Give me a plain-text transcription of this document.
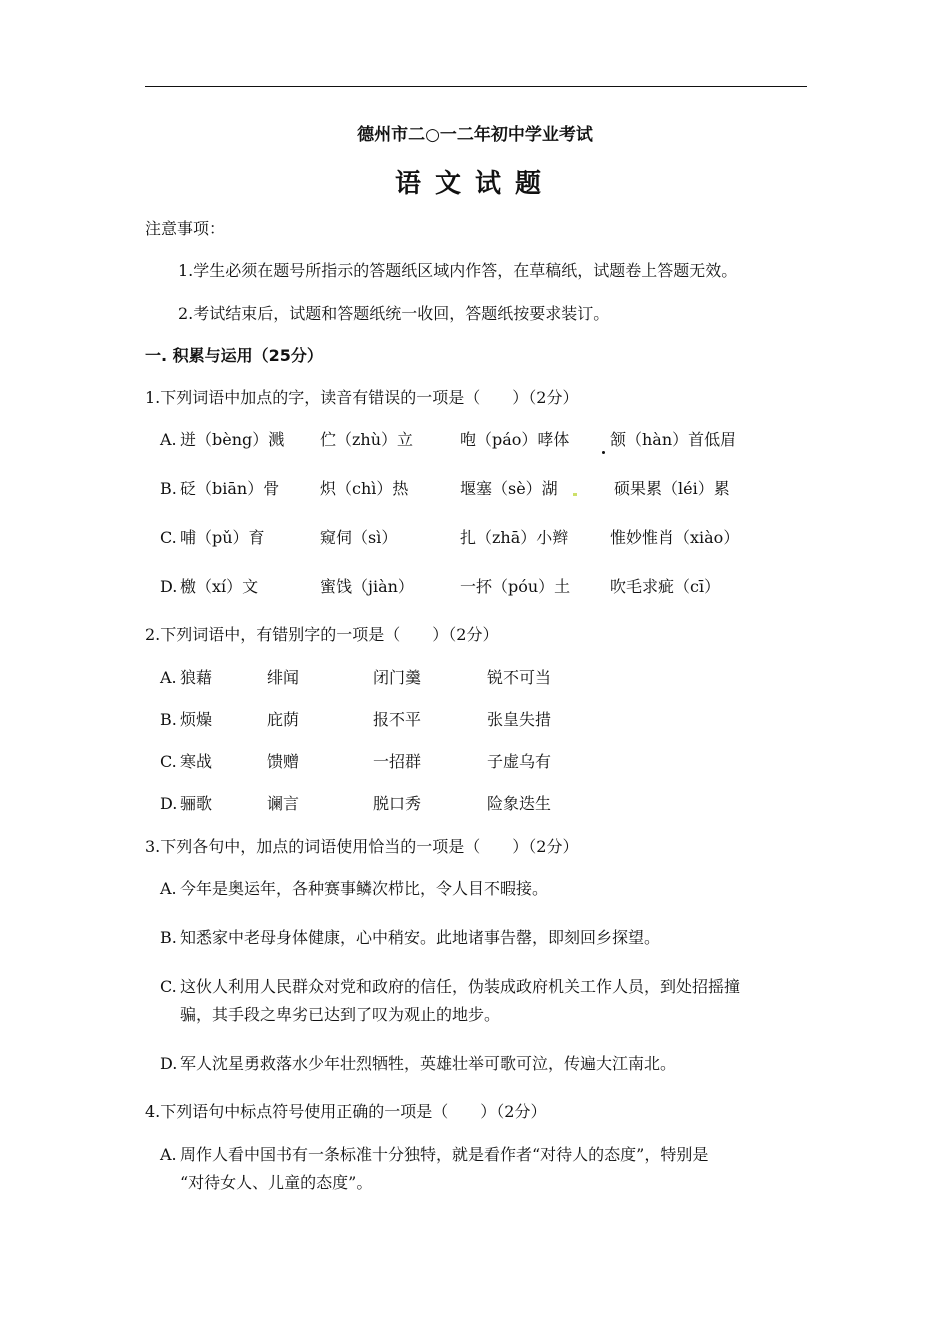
德州市二○一二年初中学业考试
语文试题
注意事项：
1.学生必须在题号所指示的答题纸区域内作答，在草稿纸，试题卷上答题无效。
2.考试结束后，试题和答题纸统一收回，答题纸按要求装订。
一. 积累与运用（25分）
1.下列词语中加点的字，读音有错误的一项是（　　）（2分）
A. 迸（bèng）溅 伫（zhù）立	咆（páo）哮体	颔（hàn）首低眉
B. 砭（biān）骨	炽（chì）热	堰塞（sè）湖	硕果累（léi）累
C. 哺（pǔ）育	窥伺（sì）	扎（zhā）小辫	惟妙惟肖（xiào）
D. 檄（xí）文	蜜饯（jiàn）	一抔（póu）土 吹毛求疵（cī）
2.下列词语中，有错别字的一项是（　　）（2分）
A. 狼藉	绯闻	闭门羹	锐不可当
B. 烦燥	庇荫	报不平	张皇失措
C. 寒战	馈赠	一招群	子虚乌有
D. 骊歌	谰言	脱口秀	险象迭生
3.下列各句中，加点的词语使用恰当的一项是（　　）（2分）
A. 今年是奥运年，各种赛事鳞次栉比，令人目不暇接。
B. 知悉家中老母身体健康，心中稍安。此地诸事告罄，即刻回乡探望。
C. 这伙人利用人民群众对党和政府的信任，伪装成政府机关工作人员，到处招摇撞
骗，其手段之卑劣已达到了叹为观止的地步。
D. 军人沈星勇救落水少年壮烈牺牲，英雄壮举可歌可泣，传遍大江南北。
4.下列语句中标点符号使用正确的一项是（　　）（2分）
A. 周作人看中国书有一条标准十分独特，就是看作者“对待人的态度”，特别是
“对待女人、儿童的态度”。
